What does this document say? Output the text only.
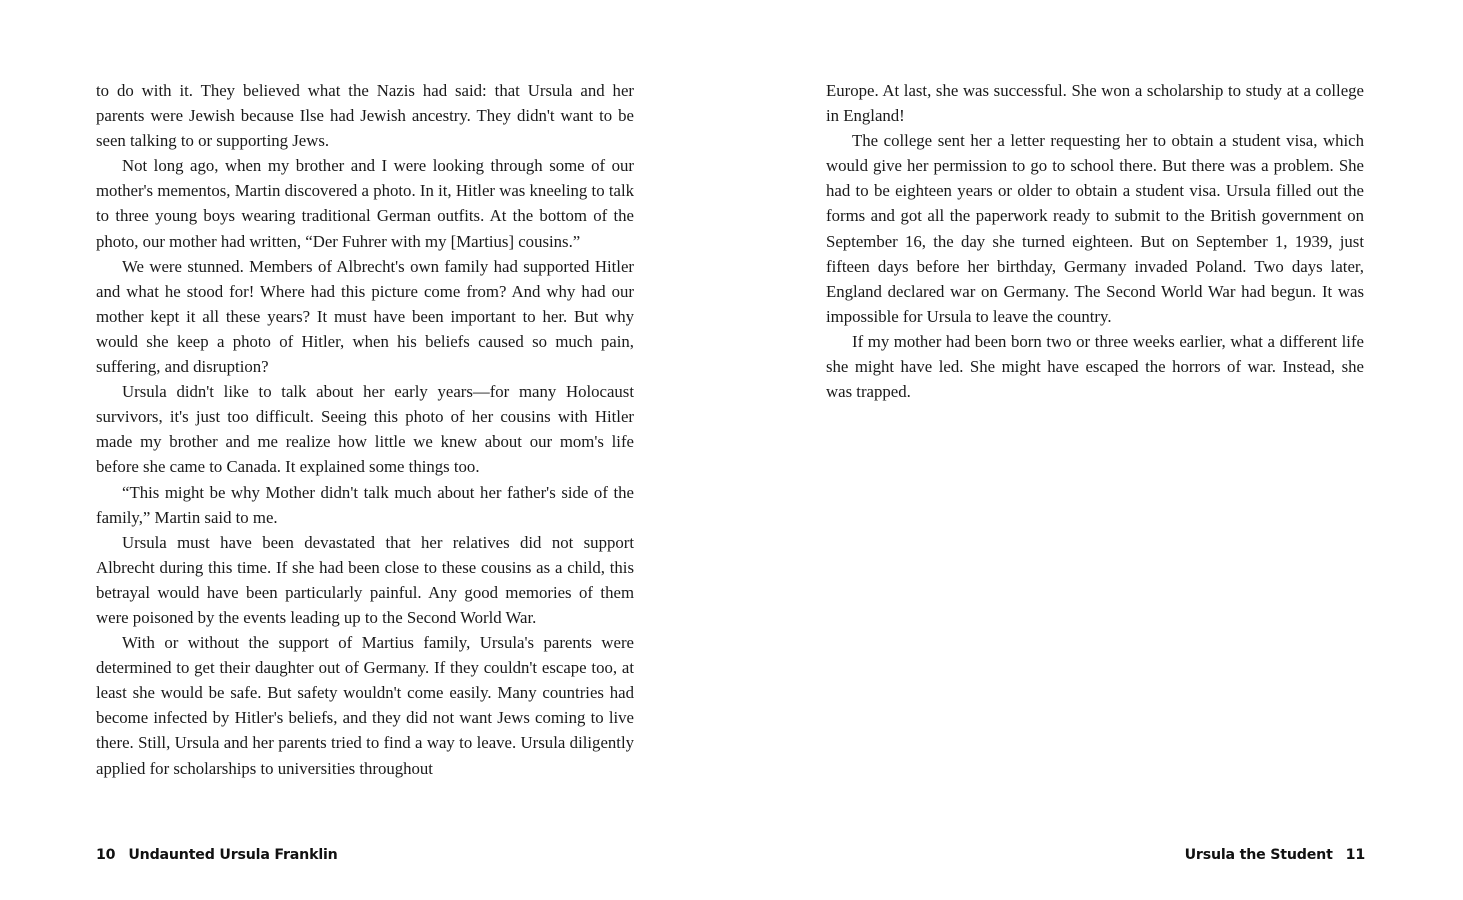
to do with it. They believed what the Nazis had said: that Ursula and her parents were Jewish because Ilse had Jewish ancestry. They didn't want to be seen talking to or supporting Jews.

Not long ago, when my brother and I were looking through some of our mother's mementos, Martin discovered a photo. In it, Hitler was kneeling to talk to three young boys wearing traditional German outfits. At the bottom of the photo, our mother had written, “Der Fuhrer with my [Martius] cousins.”

We were stunned. Members of Albrecht's own family had supported Hitler and what he stood for! Where had this picture come from? And why had our mother kept it all these years? It must have been important to her. But why would she keep a photo of Hitler, when his beliefs caused so much pain, suffering, and disruption?

Ursula didn't like to talk about her early years—for many Holocaust survivors, it's just too difficult. Seeing this photo of her cousins with Hitler made my brother and me realize how little we knew about our mom's life before she came to Canada. It explained some things too.

“This might be why Mother didn't talk much about her father's side of the family,” Martin said to me.

Ursula must have been devastated that her relatives did not support Albrecht during this time. If she had been close to these cousins as a child, this betrayal would have been particularly painful. Any good memories of them were poisoned by the events leading up to the Second World War.

With or without the support of Martius family, Ursula's parents were determined to get their daughter out of Germany. If they couldn't escape too, at least she would be safe. But safety wouldn't come easily. Many countries had become infected by Hitler's beliefs, and they did not want Jews coming to live there. Still, Ursula and her parents tried to find a way to leave. Ursula diligently applied for scholarships to universities throughout

10 Undaunted Ursula Franklin

Europe. At last, she was successful. She won a scholarship to study at a college in England!

The college sent her a letter requesting her to obtain a student visa, which would give her permission to go to school there. But there was a problem. She had to be eighteen years or older to obtain a student visa. Ursula filled out the forms and got all the paperwork ready to submit to the British government on September 16, the day she turned eighteen. But on September 1, 1939, just fifteen days before her birthday, Germany invaded Poland. Two days later, England declared war on Germany. The Second World War had begun. It was impossible for Ursula to leave the country.

If my mother had been born two or three weeks earlier, what a different life she might have led. She might have escaped the horrors of war. Instead, she was trapped.

Ursula the Student 11
